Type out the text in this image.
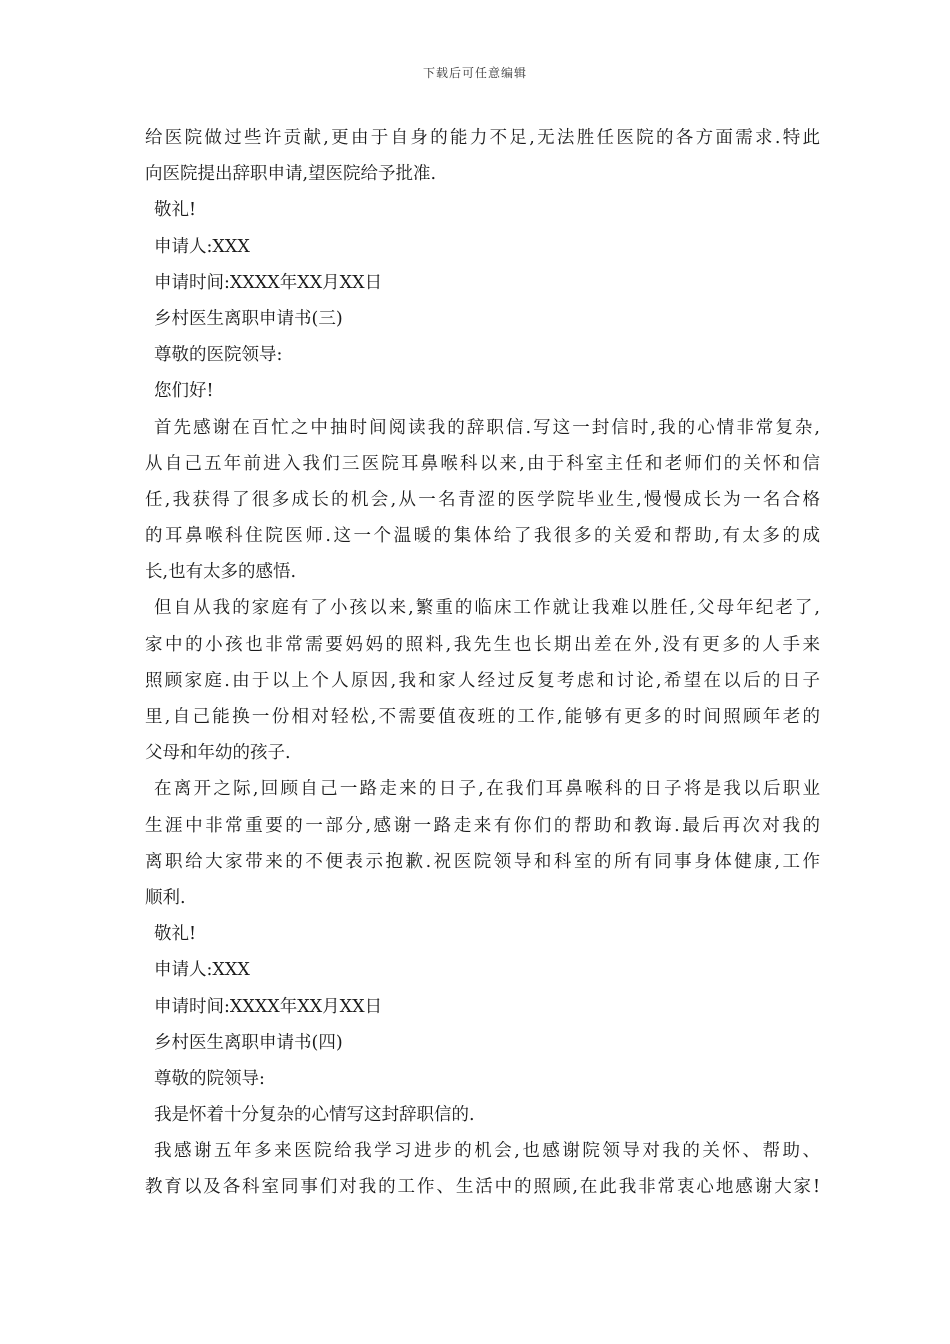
下载后可任意编辑
给医院做过些许贡献,更由于自身的能力不足,无法胜任医院的各方面需求.特此
向医院提出辞职申请,望医院给予批准.
敬礼!
申请人:XXX
申请时间:XXXX年XX月XX日
乡村医生离职申请书(三)
尊敬的医院领导:
您们好!
首先感谢在百忙之中抽时间阅读我的辞职信.写这一封信时,我的心情非常复杂,
从自己五年前进入我们三医院耳鼻喉科以来,由于科室主任和老师们的关怀和信
任,我获得了很多成长的机会,从一名青涩的医学院毕业生,慢慢成长为一名合格
的耳鼻喉科住院医师.这一个温暖的集体给了我很多的关爱和帮助,有太多的成
长,也有太多的感悟.
但自从我的家庭有了小孩以来,繁重的临床工作就让我难以胜任,父母年纪老了,
家中的小孩也非常需要妈妈的照料,我先生也长期出差在外,没有更多的人手来
照顾家庭.由于以上个人原因,我和家人经过反复考虑和讨论,希望在以后的日子
里,自己能换一份相对轻松,不需要值夜班的工作,能够有更多的时间照顾年老的
父母和年幼的孩子.
在离开之际,回顾自己一路走来的日子,在我们耳鼻喉科的日子将是我以后职业
生涯中非常重要的一部分,感谢一路走来有你们的帮助和教诲.最后再次对我的
离职给大家带来的不便表示抱歉.祝医院领导和科室的所有同事身体健康,工作
顺利.
敬礼!
申请人:XXX
申请时间:XXXX年XX月XX日
乡村医生离职申请书(四)
尊敬的院领导:
我是怀着十分复杂的心情写这封辞职信的.
我感谢五年多来医院给我学习进步的机会,也感谢院领导对我的关怀、帮助、
教育以及各科室同事们对我的工作、生活中的照顾,在此我非常衷心地感谢大家!
